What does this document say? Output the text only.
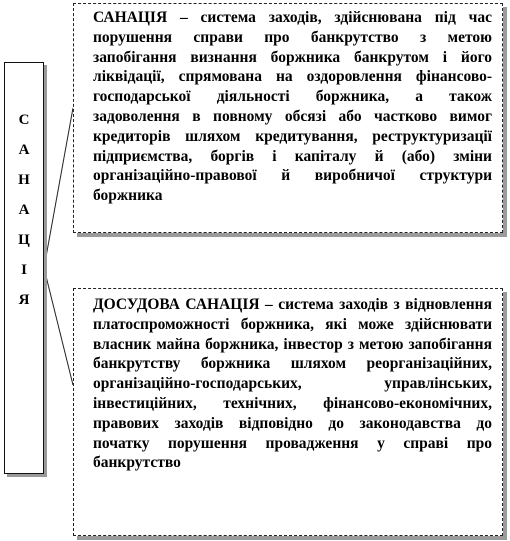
С
А
Н
А
Ц
І
Я
САНАЦІЯ – система заходів, здійснювана під час порушення справи про банкрутство з метою запобігання визнання боржника банкрутом і його ліквідації, спрямована на оздоровлення фінансово-господарської діяльності боржника, а також задоволення в повному обсязі або частково вимог кредиторів шляхом кредитування, реструктуризації підприємства, боргів і капіталу й (або) зміни організаційно-правової й виробничої структури боржника
ДОСУДОВА САНАЦІЯ – система заходів з відновлення платоспроможності боржника, які може здійснювати власник майна боржника, інвестор з метою запобігання банкрутству боржника шляхом реорганізаційних, організаційно-господарських, управлінських, інвестиційних, технічних, фінансово-економічних, правових заходів відповідно до законодавства до початку порушення провадження у справі про банкрутство
